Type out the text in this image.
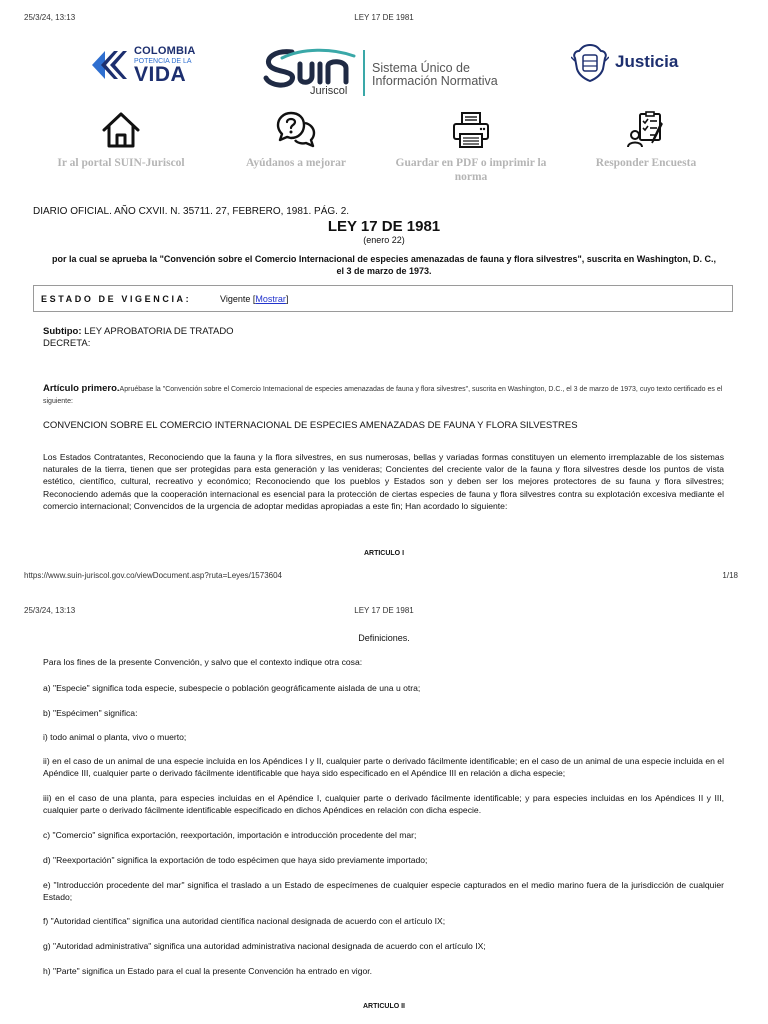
25/3/24, 13:13	LEY 17 DE 1981
COLOMBIA
POTENCIA DE LA
VIDA
Juriscol
Sistema Único de
Información Normativa
Justicia
Ir al portal SUIN-Juriscol	Ayúdanos a mejorar	Guardar en PDF o imprimir la norma
Responder Encuesta
DIARIO OFICIAL. AÑO CXVII. N. 35711. 27, FEBRERO, 1981. PÁG. 2.
LEY 17 DE 1981
(enero 22)
por la cual se aprueba la "Convención sobre el Comercio Internacional de especies amenazadas de fauna y flora silvestres", suscrita en Washington, D. C.,
el 3 de marzo de 1973.
ESTADO DE VIGENCIA:	Vigente [Mostrar]
Subtipo: LEY APROBATORIA DE TRATADO
DECRETA:
Artículo primero.Apruébase la "Convención sobre el Comercio Internacional de especies amenazadas de fauna y flora silvestres", suscrita en Washington, D.C., el 3 de marzo de 1973, cuyo texto certificado es el siguiente:
CONVENCION SOBRE EL COMERCIO INTERNACIONAL DE ESPECIES AMENAZADAS DE FAUNA Y FLORA SILVESTRES
Los Estados Contratantes, Reconociendo que la fauna y la flora silvestres, en sus numerosas, bellas y variadas formas constituyen un elemento irremplazable de los sistemas naturales de la tierra, tienen que ser protegidas para esta generación y las venideras; Concientes del creciente valor de la fauna y flora silvestres desde los puntos de vista estético, científico, cultural, recreativo y económico; Reconociendo que los pueblos y Estados son y deben ser los mejores protectores de su fauna y flora silvestres; Reconociendo además que la cooperación internacional es esencial para la protección de ciertas especies de fauna y flora silvestres contra su explotación excesiva mediante el comercio internacional; Convencidos de la urgencia de adoptar medidas apropiadas a este fin; Han acordado lo siguiente:
ARTICULO I
https://www.suin-juriscol.gov.co/viewDocument.asp?ruta=Leyes/1573604	1/18
25/3/24, 13:13	LEY 17 DE 1981
Definiciones.
Para los fines de la presente Convención, y salvo que el contexto indique otra cosa:
a) "Especie" significa toda especie, subespecie o población geográficamente aislada de una u otra;
b) "Espécimen" significa:
i) todo animal o planta, vivo o muerto;
ii) en el caso de un animal de una especie incluida en los Apéndices I y II, cualquier parte o derivado fácilmente identificable; en el caso de un animal de una especie incluida en el Apéndice III, cualquier parte o derivado fácilmente identificable que haya sido especificado en el Apéndice III en relación a dicha especie;
iii) en el caso de una planta, para especies incluidas en el Apéndice I, cualquier parte o derivado fácilmente identificable; y para especies incluidas en los Apéndices II y III, cualquier parte o derivado fácilmente identificable especificado en dichos Apéndices en relación con dicha especie.
c) "Comercio" significa exportación, reexportación, importación e introducción procedente del mar;
d) "Reexportación" significa la exportación de todo espécimen que haya sido previamente importado;
e) "Introducción procedente del mar" significa el traslado a un Estado de especímenes de cualquier especie capturados en el medio marino fuera de la jurisdicción de cualquier Estado;
f) "Autoridad científica" significa una autoridad científica nacional designada de acuerdo con el artículo IX;
g) "Autoridad administrativa" significa una autoridad administrativa nacional designada de acuerdo con el artículo IX;
h) "Parte" significa un Estado para el cual la presente Convención ha entrado en vigor.
ARTICULO II
